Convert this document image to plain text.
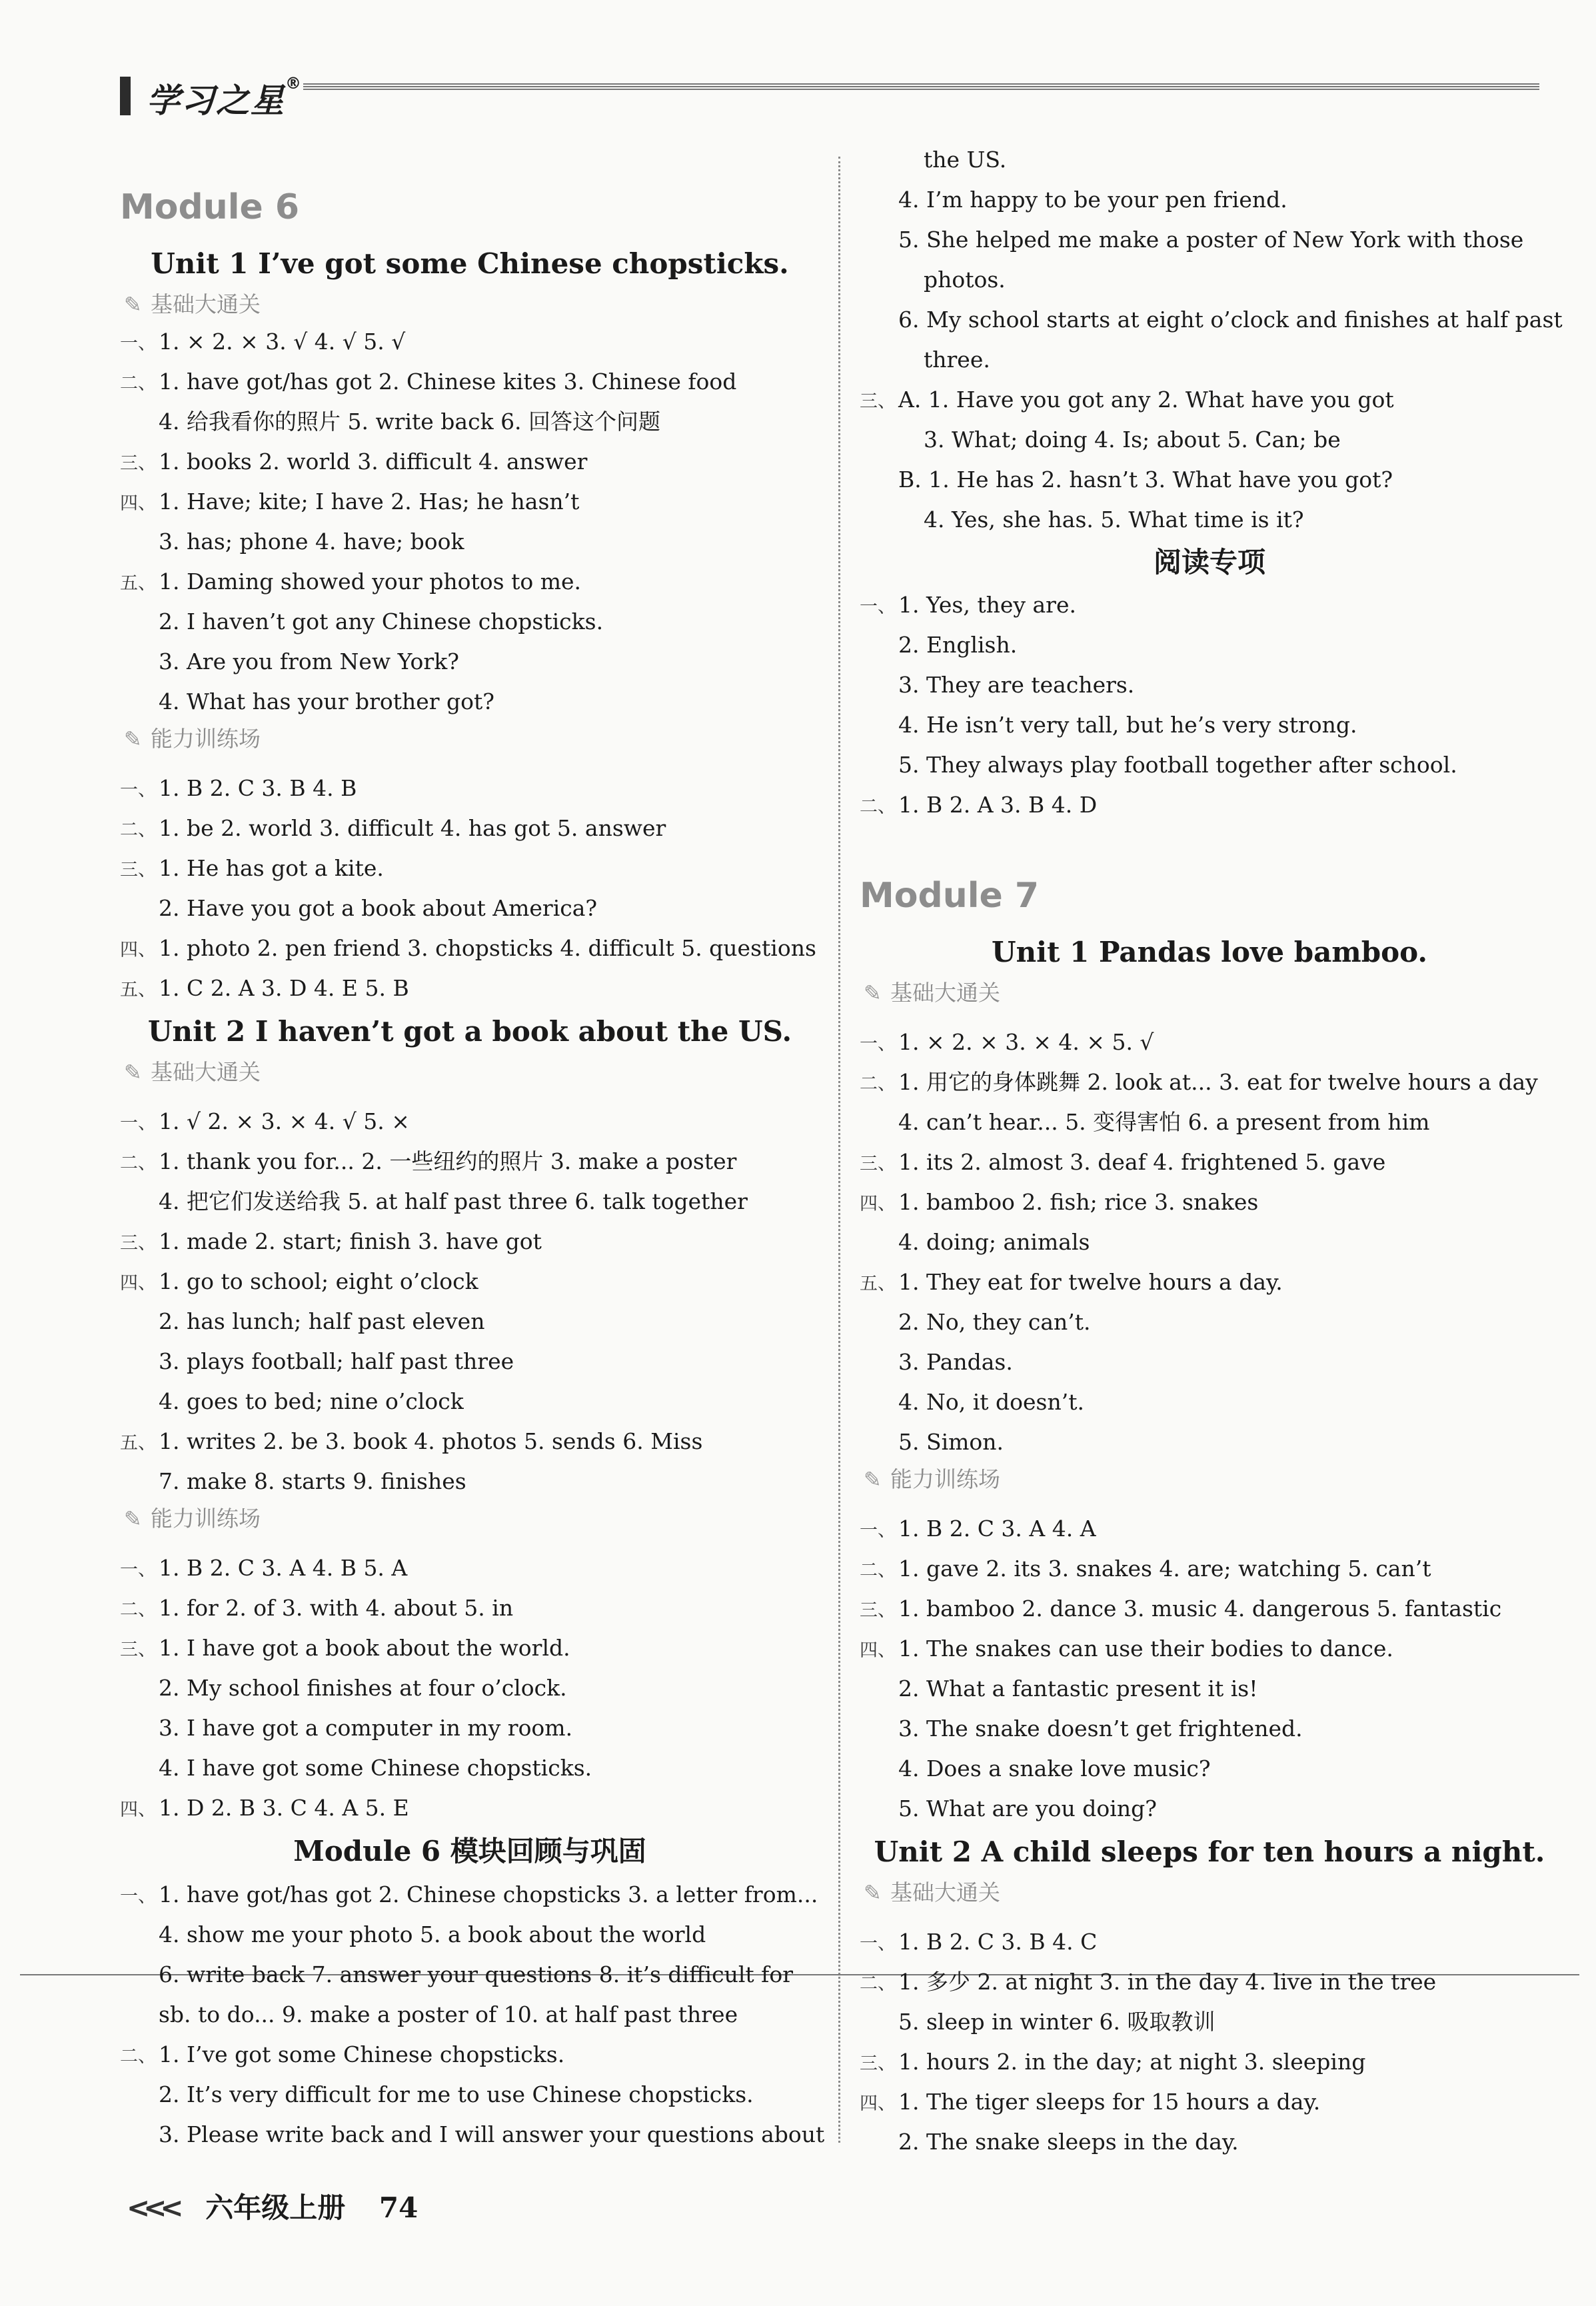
学习之星®
Module 6
Unit 1 I’ve got some Chinese chopsticks.
✎ 基础大通关
一、 1. × 2. × 3. √ 4. √ 5. √
二、 1. have got/has got 2. Chinese kites 3. Chinese food
4. 给我看你的照片 5. write back 6. 回答这个问题
三、 1. books 2. world 3. difficult 4. answer
四、 1. Have; kite; I have 2. Has; he hasn’t
3. has; phone 4. have; book
五、 1. Daming showed your photos to me.
2. I haven’t got any Chinese chopsticks.
3. Are you from New York?
4. What has your brother got?
✎ 能力训练场
一、 1. B 2. C 3. B 4. B
二、 1. be 2. world 3. difficult 4. has got 5. answer
三、 1. He has got a kite.
2. Have you got a book about America?
四、 1. photo 2. pen friend 3. chopsticks 4. difficult 5. questions
五、 1. C 2. A 3. D 4. E 5. B
Unit 2 I haven’t got a book about the US.
✎ 基础大通关
一、 1. √ 2. × 3. × 4. √ 5. ×
二、 1. thank you for... 2. 一些纽约的照片 3. make a poster
4. 把它们发送给我 5. at half past three 6. talk together
三、 1. made 2. start; finish 3. have got
四、 1. go to school; eight o’clock
2. has lunch; half past eleven
3. plays football; half past three
4. goes to bed; nine o’clock
五、 1. writes 2. be 3. book 4. photos 5. sends 6. Miss
7. make 8. starts 9. finishes
✎ 能力训练场
一、 1. B 2. C 3. A 4. B 5. A
二、 1. for 2. of 3. with 4. about 5. in
三、 1. I have got a book about the world.
2. My school finishes at four o’clock.
3. I have got a computer in my room.
4. I have got some Chinese chopsticks.
四、 1. D 2. B 3. C 4. A 5. E
Module 6 模块回顾与巩固
一、 1. have got/has got 2. Chinese chopsticks 3. a letter from...
4. show me your photo 5. a book about the world
6. write back 7. answer your questions 8. it’s difficult for
sb. to do... 9. make a poster of 10. at half past three
二、 1. I’ve got some Chinese chopsticks.
2. It’s very difficult for me to use Chinese chopsticks.
3. Please write back and I will answer your questions about
the US.
4. I’m happy to be your pen friend.
5. She helped me make a poster of New York with those
photos.
6. My school starts at eight o’clock and finishes at half past
three.
三、 A. 1. Have you got any 2. What have you got
3. What; doing 4. Is; about 5. Can; be
B. 1. He has 2. hasn’t 3. What have you got?
4. Yes, she has. 5. What time is it?
阅读专项
一、 1. Yes, they are.
2. English.
3. They are teachers.
4. He isn’t very tall, but he’s very strong.
5. They always play football together after school.
二、 1. B 2. A 3. B 4. D
Module 7
Unit 1 Pandas love bamboo.
✎ 基础大通关
一、 1. × 2. × 3. × 4. × 5. √
二、 1. 用它的身体跳舞 2. look at... 3. eat for twelve hours a day
4. can’t hear... 5. 变得害怕 6. a present from him
三、 1. its 2. almost 3. deaf 4. frightened 5. gave
四、 1. bamboo 2. fish; rice 3. snakes
4. doing; animals
五、 1. They eat for twelve hours a day.
2. No, they can’t.
3. Pandas.
4. No, it doesn’t.
5. Simon.
✎ 能力训练场
一、 1. B 2. C 3. A 4. A
二、 1. gave 2. its 3. snakes 4. are; watching 5. can’t
三、 1. bamboo 2. dance 3. music 4. dangerous 5. fantastic
四、 1. The snakes can use their bodies to dance.
2. What a fantastic present it is!
3. The snake doesn’t get frightened.
4. Does a snake love music?
5. What are you doing?
Unit 2 A child sleeps for ten hours a night.
✎ 基础大通关
一、 1. B 2. C 3. B 4. C
二、 1. 多少 2. at night 3. in the day 4. live in the tree
5. sleep in winter 6. 吸取教训
三、 1. hours 2. in the day; at night 3. sleeping
四、 1. The tiger sleeps for 15 hours a day.
2. The snake sleeps in the day.
<<< 六年级上册 74
